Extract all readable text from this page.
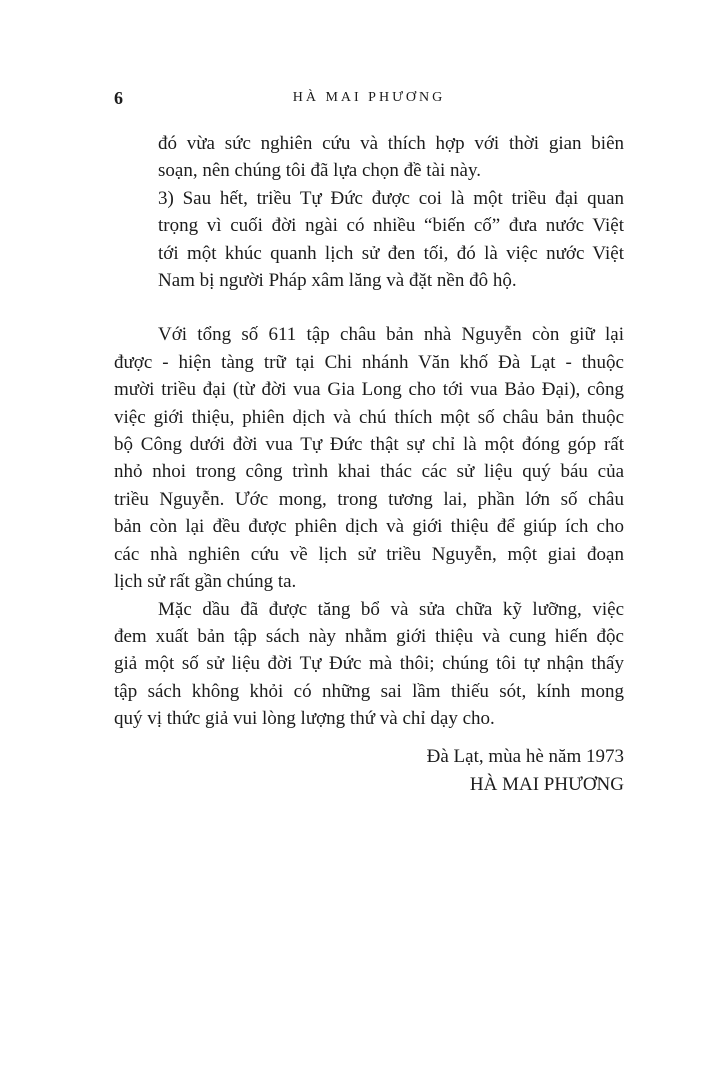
6	HÀ MAI PHƯƠNG

đó vừa sức nghiên cứu và thích hợp với thời gian biên
soạn, nên chúng tôi đã lựa chọn đề tài này.

3) Sau hết, triều Tự Đức được coi là một triều đại quan
trọng vì cuối đời ngài có nhiều “biến cố” đưa nước Việt
tới một khúc quanh lịch sử đen tối, đó là việc nước Việt
Nam bị người Pháp xâm lăng và đặt nền đô hộ.

Với tổng số 611 tập châu bản nhà Nguyễn còn giữ lại
được - hiện tàng trữ tại Chi nhánh Văn khố Đà Lạt - thuộc
mười triều đại (từ đời vua Gia Long cho tới vua Bảo Đại), công
việc giới thiệu, phiên dịch và chú thích một số châu bản thuộc
bộ Công dưới đời vua Tự Đức thật sự chỉ là một đóng góp rất
nhỏ nhoi trong công trình khai thác các sử liệu quý báu của
triều Nguyễn. Ước mong, trong tương lai, phần lớn số châu
bản còn lại đều được phiên dịch và giới thiệu để giúp ích cho
các nhà nghiên cứu về lịch sử triều Nguyễn, một giai đoạn
lịch sử rất gần chúng ta.

Mặc dầu đã được tăng bổ và sửa chữa kỹ lưỡng, việc
đem xuất bản tập sách này nhằm giới thiệu và cung hiến độc
giả một số sử liệu đời Tự Đức mà thôi; chúng tôi tự nhận thấy
tập sách không khỏi có những sai lầm thiếu sót, kính mong
quý vị thức giả vui lòng lượng thứ và chỉ dạy cho.

Đà Lạt, mùa hè năm 1973
HÀ MAI PHƯƠNG
